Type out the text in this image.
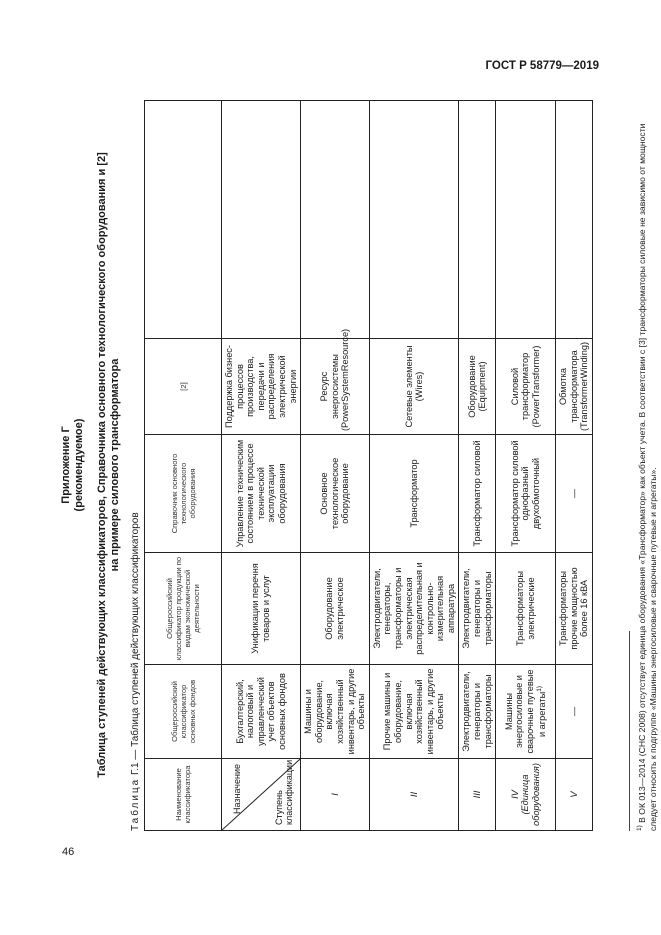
ГОСТ Р 58779—2019
46
Приложение Г (рекомендуемое) Таблица ступеней действующих классификаторов, Справочника основного технологического оборудования и [2] на примере силового трансформатора
Таблица Г.1 — Таблица ступеней действующих классификаторов
Наименование классификатора	Общероссийский классификатор основных фондов	Общероссийский классификатор продукции по видам экономической деятельности	Справочник основного технологического оборудования	[2]	

Назначение Ступень классификации	Бухгалтерский, налоговый и управленческий учет объектов основных фондов	Унификации перечня товаров и услуг	Управление техническим состоянием в процессе технической эксплуатации оборудования	Поддержка бизнес-процессов производства, передачи и распределения электрической энергии	
I	Машины и оборудование, включая хозяйственный инвентарь, и другие объекты	Оборудование электрическое	Основное технологическое оборудование	Ресурс энергосистемы (PowerSystemResource)	
II	Прочие машины и оборудование, включая хозяйственный инвентарь, и другие объекты	Электродвигатели, генераторы, трансформаторы и электрическая распределительная и контрольно-измерительная аппаратура	Трансформатор	Сетевые элементы (Wires)	
III	Электродвигатели, генераторы и трансформаторы	Электродвигатели, генераторы и трансформаторы	Трансформатор силовой	Оборудование (Equipment)	

IV (Единица оборудования)	Машины энергосиловые и сварочные путевые и агрегаты$^{1)}$	Трансформаторы электрические	Трансформатор силовой однофазный двухобмоточный	Силовой трансформатор (PowerTransformer)	
V	—	Трансформаторы прочие мощностью более 16 кВА	—	Обмотка трансформатора (TransformerWinding)	
$^{1)}$ В ОК 013—2014 (СНС 2008) отсутствует единица оборудования «Трансформатор» как объект учета. В соответствии с [3] трансформаторы силовые не зависимо от мощности следует относить к подгруппе «Машины энергосиловые и сварочные путевые и агрегаты».
